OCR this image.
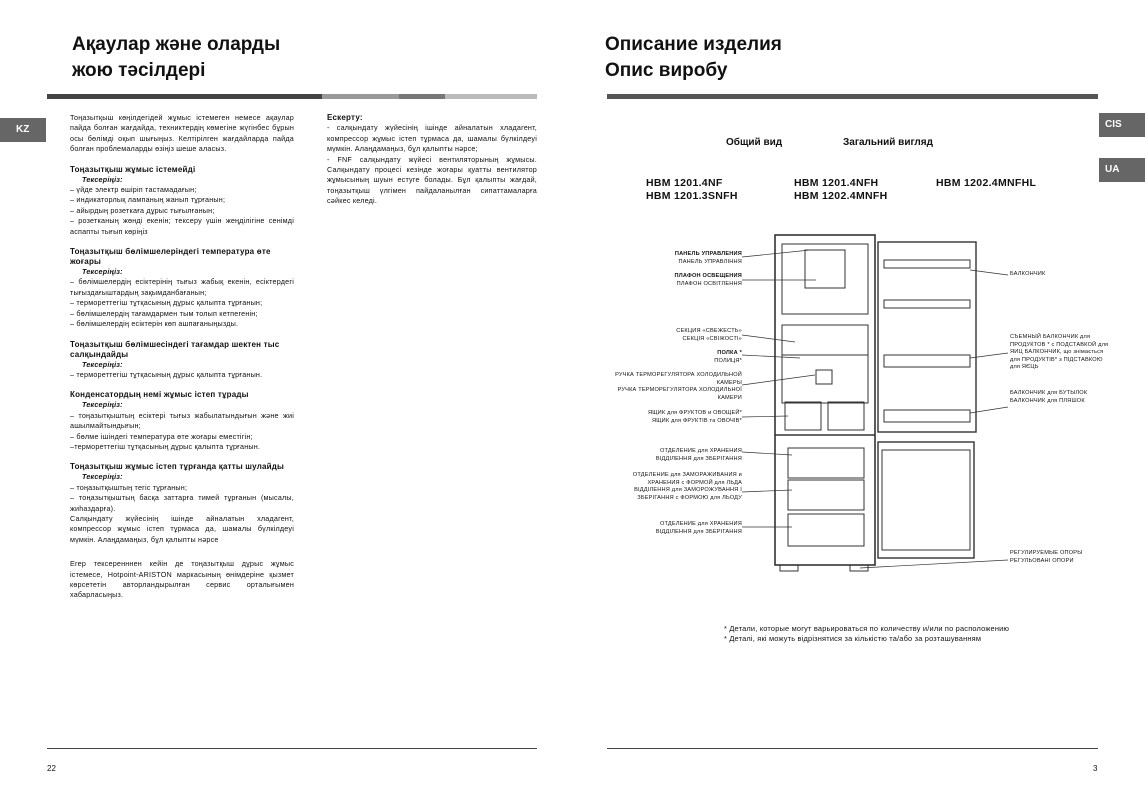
Ақаулар және оларды
жою тәсілдері
KZ

Тоңазытқыш көңілдегідей жұмыс істемеген немесе ақаулар пайда болған жағдайда, техниктердің көмегіне жүгінбес бұрын осы бөлімді оқып шығыңыз. Келтірілген жағдайларда пайда болған проблемаларды өзіңіз шеше аласыз.

Тоңазытқыш жұмыс істемейді
Тексеріңіз:

– үйде электр өшіріп тастамадағын;

– индикаторлық лампаның жанып тұрғанын;

– айырдың розеткаға дұрыс тығылғанын;

– розетканың жөнді екенін; тексеру үшін жеңділігіне сенімді аспапты тығып көріңіз

Тоңазытқыш бөлімшелеріндегі температура өте жоғары
Тексеріңіз:

– бөлімшелердің есіктерінің тығыз жабық екенін, есіктердегі тығыздағыштардың зақымданбағанын;

– термореттегіш тұтқасының дұрыс қалыпта тұрғанын;

– бөлімшелердің тағамдармен тым толып кетпегенін;

– бөлімшелердің есіктерін көп ашпағаныңызды.

Тоңазытқыш бөлімшесіндегі тағамдар шектен тыс салқындайды
Тексеріңіз:

– термореттегіш тұтқасының дұрыс қалыпта тұрғанын.

Конденсатордың немі жұмыс істеп тұрады
Тексеріңіз:

– тоңазытқыштың есіктері тығыз жабылатындығын және жиі ашылмайтындығын;

– бөлме ішіндегі температура өте жоғары еместігін;

–термореттегіш тұтқасының дұрыс қалыпта тұрғанын.

Тоңазытқыш жұмыс істеп тұрғанда қатты шулайды
Тексеріңіз:

– тоңазытқыштың тегіс тұрғанын;

– тоңазытқыштың басқа заттарға тимей тұрғанын (мысалы, жиһаздарға).

Салқындату жүйесінің ішінде айналатын хладагент, компрессор жұмыс істеп тұрмаса да, шамалы бүлкілдеуі мүмкін. Алаңдамаңыз, бұл қалыпты нәрсе

Егер тексеренннен кейін де тоңазытқыш дұрыс жұмыс істемесе, Hotpoint-ARISTON маркасының өнімдеріне қызмет көрсететін авторландырылған сервис орталығымен хабарласыңыз.

Ескерту:

- салқындату жүйесінің ішінде айналатын хладагент, компрессор жұмыс істеп тұрмаса да, шамалы бүлкілдеуі мүмкін. Алаңдамаңыз, бұл қалыпты нәрсе;

- FNF салқындату жүйесі вентиляторының жұмысы. Салқындату процесі кезінде жоғары қуатты вентилятор жұмысының шуын естуге болады. Бұл қалыпты жағдай, тоңазытқыш үлгімен пайдаланылған сипаттамаларға сәйкес келеді.

22
Описание изделия
Опис виробу
CIS
UA
Общий вид	Загальний вигляд
HBM 1201.4NF
HBM 1201.3SNFH
HBM 1201.4NFH
HBM 1202.4MNFH
HBM 1202.4MNFHL
ПАНЕЛЬ УПРАВЛЕНИЯ
ПАНЕЛЬ УПРАВЛІННЯ
ПЛАФОН ОСВЕЩЕНИЯ
ПЛАФОН ОСВІТЛЕННЯ
СЕКЦИЯ «СВЕЖЕСТЬ»
СЕКЦІЯ «СВІЖОСТІ»
ПОЛКА *
ПОЛИЦЯ*
РУЧКА ТЕРМОРЕГУЛЯТОРА ХОЛОДИЛЬНОЙ КАМЕРЫ
РУЧКА ТЕРМОРЕГУЛЯТОРА ХОЛОДИЛЬНОЇ КАМЕРИ
ЯЩИК для ФРУКТОВ и ОВОЩЕЙ*
ЯЩИК для ФРУКТІВ та ОВОЧІВ*
ОТДЕЛЕНИЕ для ХРАНЕНИЯ
ВІДДІЛЕННЯ для ЗБЕРІГАННЯ
ОТДЕЛЕНИЕ для ЗАМОРАЖИВАНИЯ и ХРАНЕНИЯ с ФОРМОЙ для ЛЬДА
ВІДДІЛЕННЯ для ЗАМОРОЖУВАННЯ І ЗБЕРІГАННЯ с ФОРМОЮ для ЛЬОДУ
ОТДЕЛЕНИЕ для ХРАНЕНИЯ
ВІДДІЛЕННЯ для ЗБЕРІГАННЯ
БАЛКОНЧИК
СЪЕМНЫЙ БАЛКОНЧИК для ПРОДУКТОВ * с ПОДСТАВКОЙ для ЯИЦ БАЛКОНЧИК, що знімається для ПРОДУКТІВ* з ПІДСТАВКОЮ для ЯЄЦЬ
БАЛКОНЧИК для БУТЫЛОК
БАЛКОНЧИК для ПЛЯШОК
РЕГУЛИРУЕМЫЕ ОПОРЫ
РЕГУЛЬОВАНІ ОПОРИ
* Детали, которые могут варьироваться по количеству и/или по расположению
* Деталі, які можуть відрізнятися за кількістю та/або за розташуванням
3
